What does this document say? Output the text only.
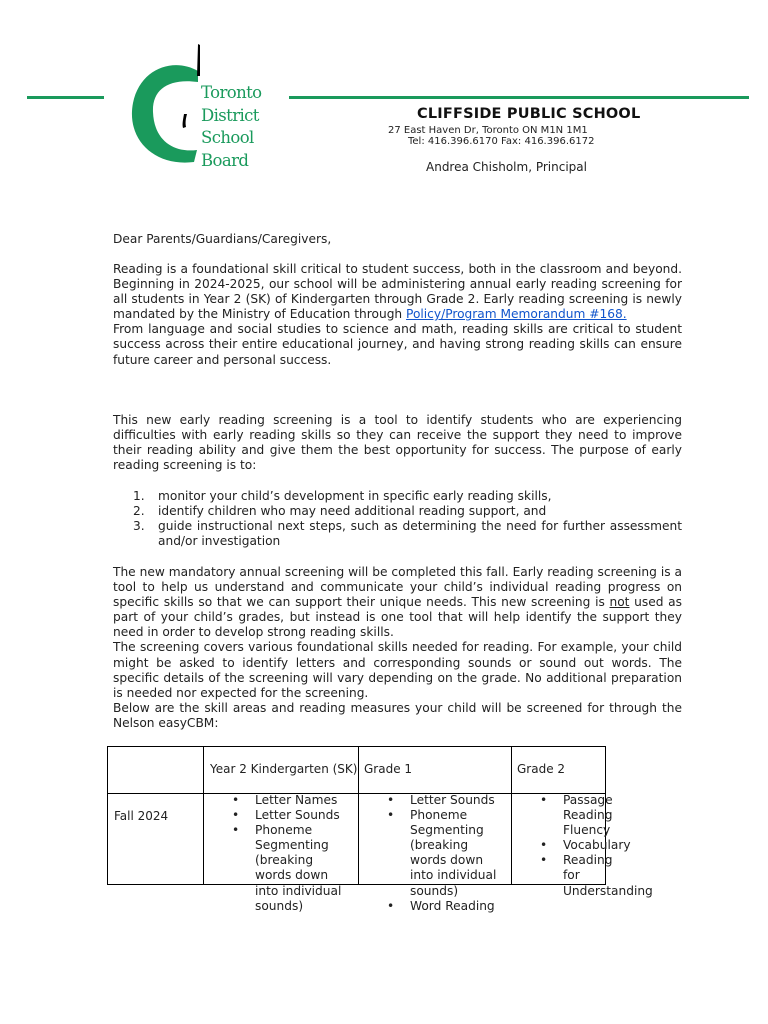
Toronto
District
School
Board
CLIFFSIDE PUBLIC SCHOOL
27 East Haven Dr, Toronto ON M1N 1M1
Tel: 416.396.6170 Fax: 416.396.6172
Andrea Chisholm, Principal
Dear Parents/Guardians/Caregivers,

Reading is a foundational skill critical to student success, both in the classroom and beyond. Beginning in 2024-2025, our school will be administering annual early reading screening for all students in Year 2 (SK) of Kindergarten through Grade 2. Early reading screening is newly mandated by the Ministry of Education through Policy/Program Memorandum #168.

From language and social studies to science and math, reading skills are critical to student success across their entire educational journey, and having strong reading skills can ensure future career and personal success.

This new early reading screening is a tool to identify students who are experiencing difficulties with early reading skills so they can receive the support they need to improve their reading ability and give them the best opportunity for success. The purpose of early reading screening is to:

1. monitor your child’s development in specific early reading skills,
2. identify children who may need additional reading support, and
3. guide instructional next steps, such as determining the need for further assessment and/or investigation

The new mandatory annual screening will be completed this fall. Early reading screening is a tool to help us understand and communicate your child’s individual reading progress on specific skills so that we can support their unique needs. This new screening is not used as part of your child’s grades, but instead is one tool that will help identify the support they need in order to develop strong reading skills.

The screening covers various foundational skills needed for reading. For example, your child might be asked to identify letters and corresponding sounds or sound out words. The specific details of the screening will vary depending on the grade. No additional preparation is needed nor expected for the screening.

Below are the skill areas and reading measures your child will be screened for through the Nelson easyCBM:

Year 2 Kindergarten (SK) Grade 1	Grade 2
Fall 2024
• Letter Names
• Letter Sounds
• Phoneme Segmenting (breaking words down into individual sounds)
• Letter Sounds
• Phoneme Segmenting (breaking words down into individual sounds)
• Word Reading
• Passage Reading Fluency
• Vocabulary
• Reading for Understanding
